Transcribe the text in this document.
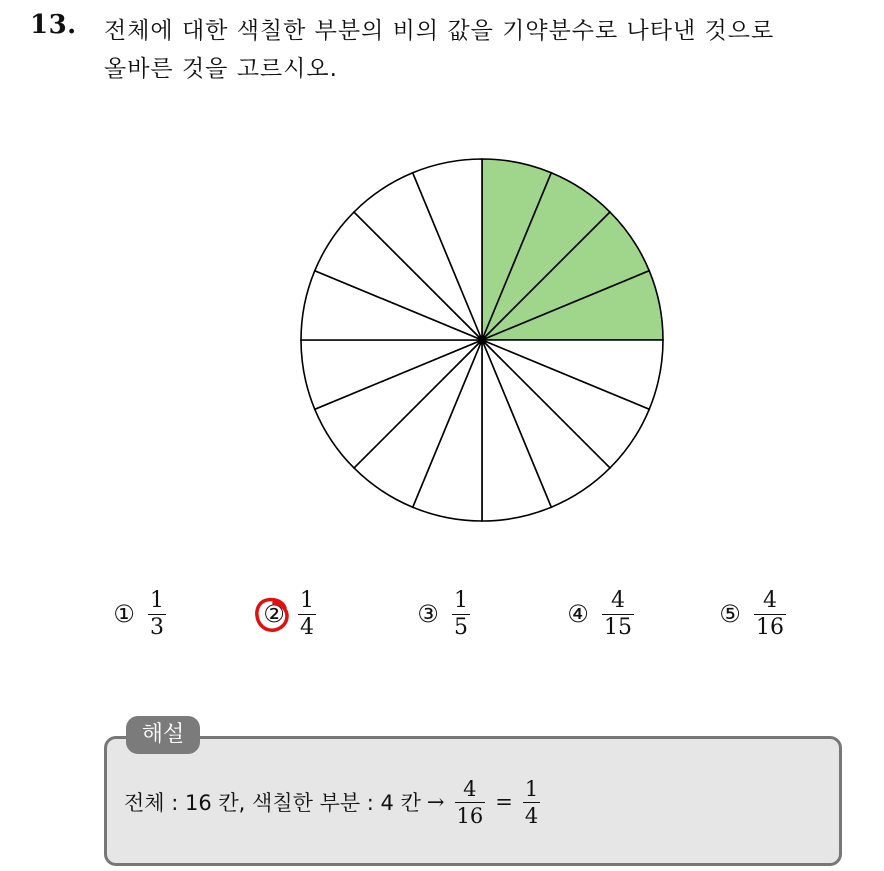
13. 전체에 대한 색칠한 부분의 비의 값을 기약분수로 나타낸 것으로
올바른 것을 고르시오.
① $\frac{1}{3}$	② $\frac{1}{4}$	③ $\frac{1}{5}$	④ $\frac{4}{15}$	⑤ $\frac{4}{16}$
해설
전체 : 16 칸, 색칠한 부분 : 4 칸 → $\frac{4}{16} = \frac{1}{4}$
